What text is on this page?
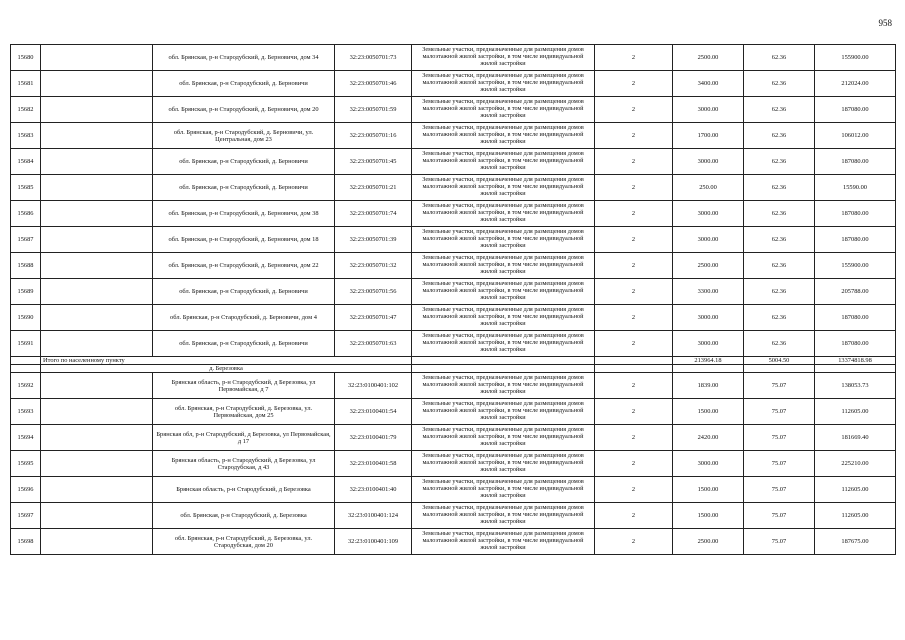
958
15680		обл. Брянская, р-н Стародубский, д. Берновичи, дом 34	32:23:0050701:73	Земельные участки, предназначенные для размещения домов малоэтажной жилой застройки, в том числе индивидуальной жилой застройки	2	2500.00	62.36	155900.00
15681		обл. Брянская, р-н Стародубский, д. Берновичи	32:23:0050701:46	Земельные участки, предназначенные для размещения домов малоэтажной жилой застройки, в том числе индивидуальной жилой застройки	2	3400.00	62.36	212024.00
15682		обл. Брянская, р-н Стародубский, д. Берновичи, дом 20	32:23:0050701:59	Земельные участки, предназначенные для размещения домов малоэтажной жилой застройки, в том числе индивидуальной жилой застройки	2	3000.00	62.36	187080.00
15683		обл. Брянская, р-н Стародубский, д. Берновичи, ул. Центральная, дом 23	32:23:0050701:16	Земельные участки, предназначенные для размещения домов малоэтажной жилой застройки, в том числе индивидуальной жилой застройки	2	1700.00	62.36	106012.00
15684		обл. Брянская, р-н Стародубский, д. Берновичи	32:23:0050701:45	Земельные участки, предназначенные для размещения домов малоэтажной жилой застройки, в том числе индивидуальной жилой застройки	2	3000.00	62.36	187080.00
15685		обл. Брянская, р-н Стародубский, д. Берновичи	32:23:0050701:21	Земельные участки, предназначенные для размещения домов малоэтажной жилой застройки, в том числе индивидуальной жилой застройки	2	250.00	62.36	15590.00
15686		обл. Брянская, р-н Стародубский, д. Берновичи, дом 38	32:23:0050701:74	Земельные участки, предназначенные для размещения домов малоэтажной жилой застройки, в том числе индивидуальной жилой застройки	2	3000.00	62.36	187080.00
15687		обл. Брянская, р-н Стародубский, д. Берновичи, дом 18	32:23:0050701:39	Земельные участки, предназначенные для размещения домов малоэтажной жилой застройки, в том числе индивидуальной жилой застройки	2	3000.00	62.36	187080.00
15688		обл. Брянская, р-н Стародубский, д. Берновичи, дом 22	32:23:0050701:32	Земельные участки, предназначенные для размещения домов малоэтажной жилой застройки, в том числе индивидуальной жилой застройки	2	2500.00	62.36	155900.00
15689		обл. Брянская, р-н Стародубский, д. Берновичи	32:23:0050701:56	Земельные участки, предназначенные для размещения домов малоэтажной жилой застройки, в том числе индивидуальной жилой застройки	2	3300.00	62.36	205788.00
15690		обл. Брянская, р-н Стародубский, д. Берновичи, дом 4	32:23:0050701:47	Земельные участки, предназначенные для размещения домов малоэтажной жилой застройки, в том числе индивидуальной жилой застройки	2	3000.00	62.36	187080.00
15691		обл. Брянская, р-н Стародубский, д. Берновичи	32:23:0050701:63	Земельные участки, предназначенные для размещения домов малоэтажной жилой застройки, в том числе индивидуальной жилой застройки	2	3000.00	62.36	187080.00
	Итого по населенному пункту					213964.18	5004.50	13374818.98
	д. Березовка							
15692		Брянская область, р-н Стародубский, д Березовка, ул Первомайская, д 7	32:23:0100401:102	Земельные участки, предназначенные для размещения домов малоэтажной жилой застройки, в том числе индивидуальной жилой застройки	2	1839.00	75.07	138053.73
15693		обл. Брянская, р-н Стародубский, д. Березовка, ул. Первомайская, дом 25	32:23:0100401:54	Земельные участки, предназначенные для размещения домов малоэтажной жилой застройки, в том числе индивидуальной жилой застройки	2	1500.00	75.07	112605.00
15694		Брянская обл, р-н Стародубский, д Березовка, ул Первомайская, д 17	32:23:0100401:79	Земельные участки, предназначенные для размещения домов малоэтажной жилой застройки, в том числе индивидуальной жилой застройки	2	2420.00	75.07	181669.40
15695		Брянская область, р-н Стародубский, д Березовка, ул Стародубская, д 43	32:23:0100401:58	Земельные участки, предназначенные для размещения домов малоэтажной жилой застройки, в том числе индивидуальной жилой застройки	2	3000.00	75.07	225210.00
15696		Брянская область, р-н Стародубский, д Березовка	32:23:0100401:40	Земельные участки, предназначенные для размещения домов малоэтажной жилой застройки, в том числе индивидуальной жилой застройки	2	1500.00	75.07	112605.00
15697		обл. Брянская, р-н Стародубский, д. Березовка	32:23:0100401:124	Земельные участки, предназначенные для размещения домов малоэтажной жилой застройки, в том числе индивидуальной жилой застройки	2	1500.00	75.07	112605.00
15698		обл. Брянская, р-н Стародубский, д. Березовка, ул. Стародубская, дом 20	32:23:0100401:109	Земельные участки, предназначенные для размещения домов малоэтажной жилой застройки, в том числе индивидуальной жилой застройки	2	2500.00	75.07	187675.00
